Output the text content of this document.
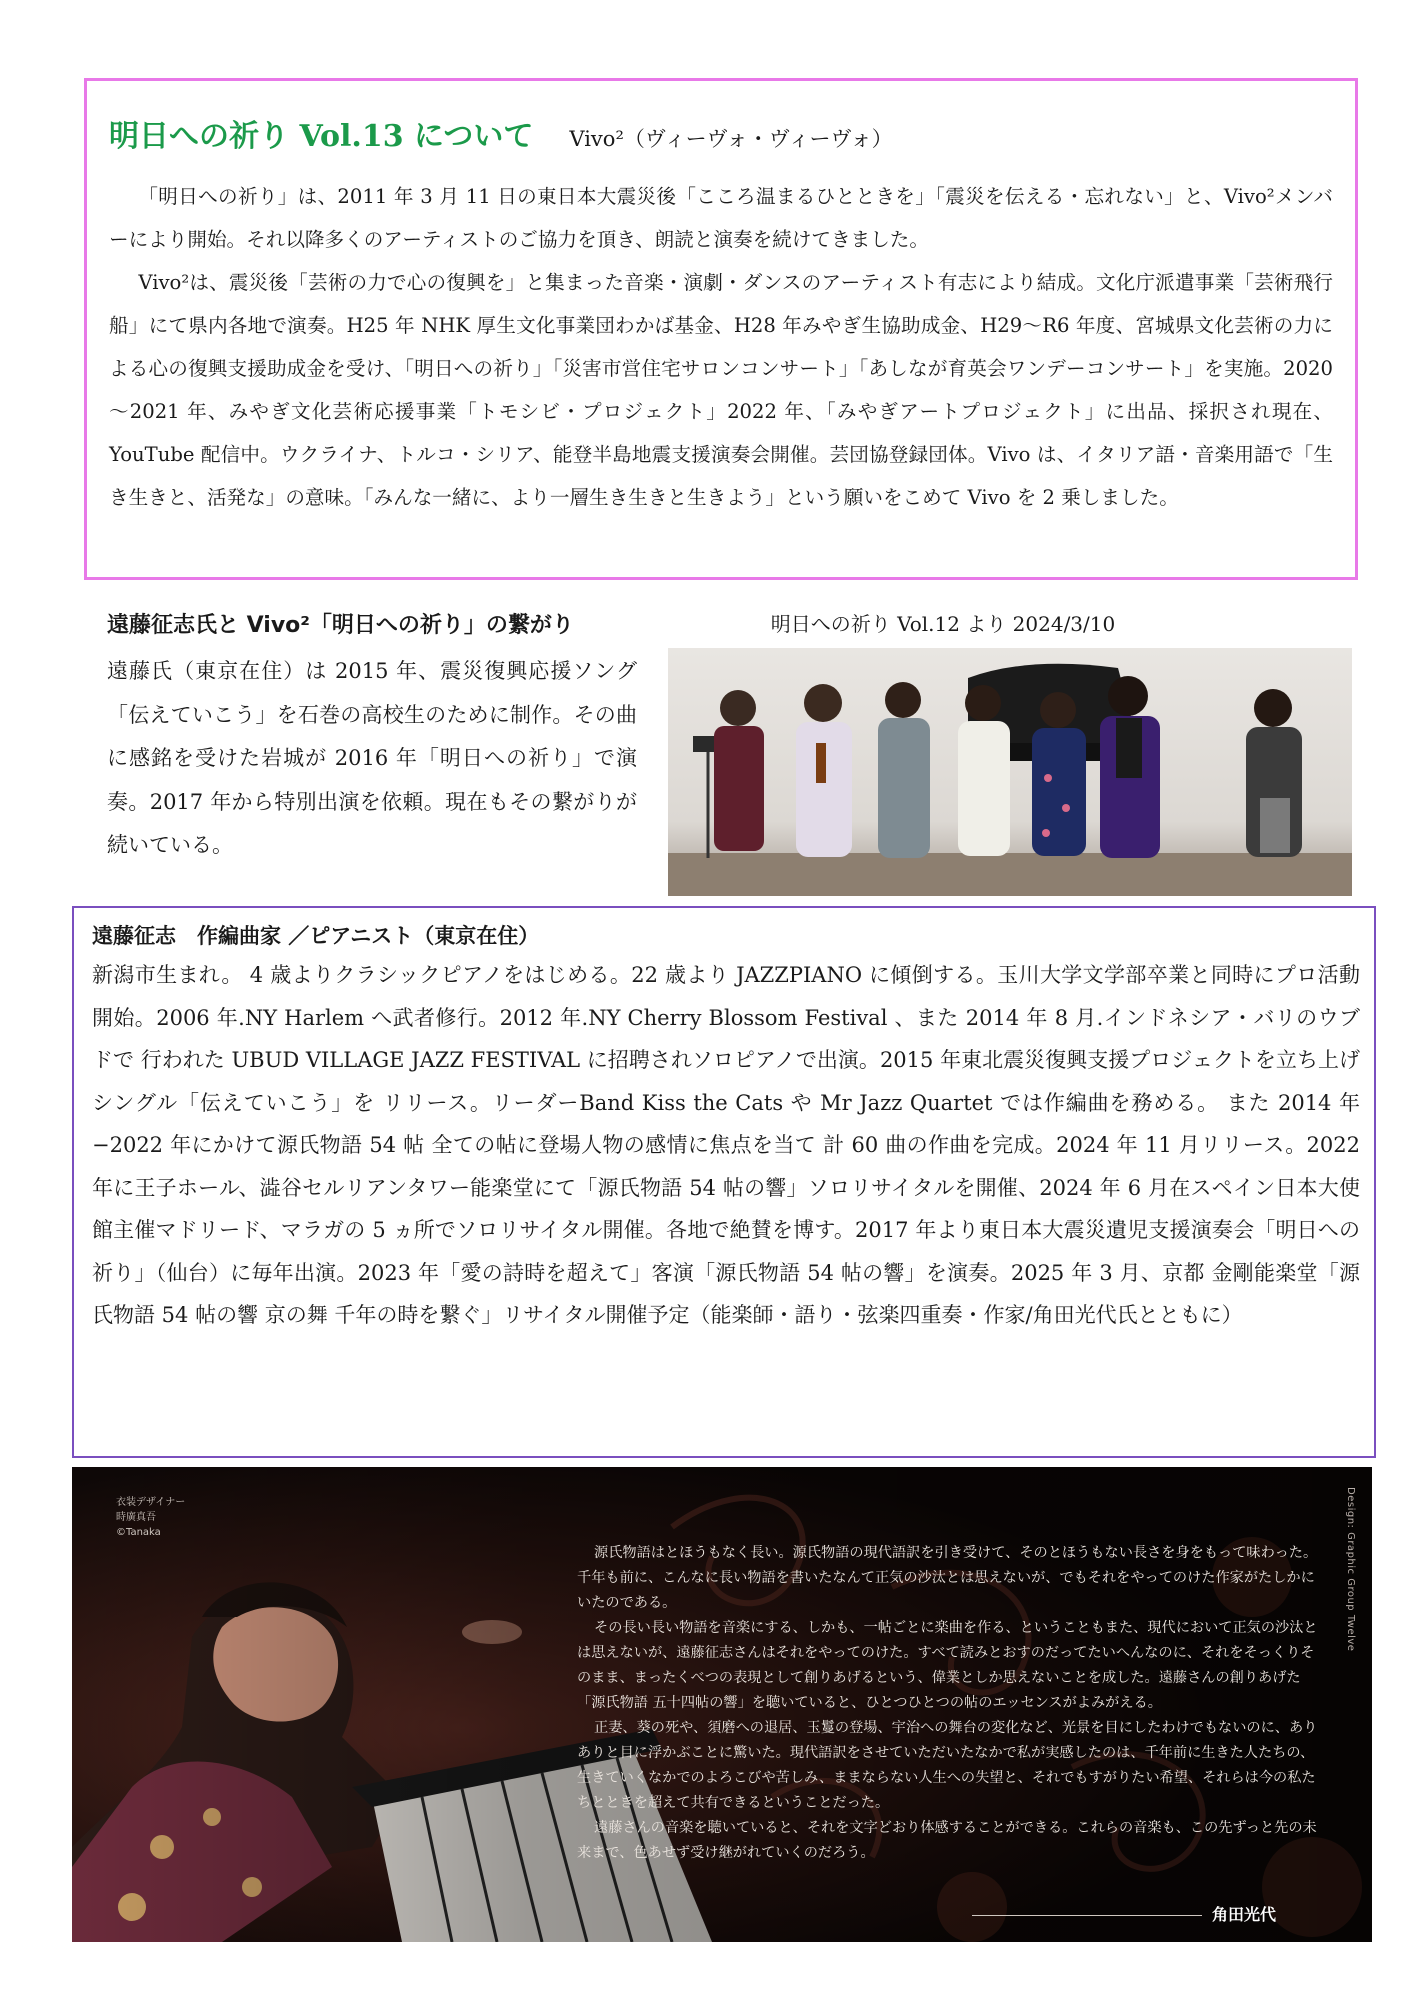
明日への祈り Vol.13 について Vivo²（ヴィーヴォ・ヴィーヴォ）

「明日への祈り」は、2011 年 3 月 11 日の東日本大震災後「こころ温まるひとときを」「震災を伝える・忘れない」と、Vivo²メンバーにより開始。それ以降多くのアーティストのご協力を頂き、朗読と演奏を続けてきました。

Vivo²は、震災後「芸術の力で心の復興を」と集まった音楽・演劇・ダンスのアーティスト有志により結成。文化庁派遣事業「芸術飛行船」にて県内各地で演奏。H25 年 NHK 厚生文化事業団わかば基金、H28 年みやぎ生協助成金、H29～R6 年度、宮城県文化芸術の力による心の復興支援助成金を受け、「明日への祈り」「災害市営住宅サロンコンサート」「あしなが育英会ワンデーコンサート」を実施。2020～2021 年、みやぎ文化芸術応援事業「トモシビ・プロジェクト」2022 年、「みやぎアートプロジェクト」に出品、採択され現在、YouTube 配信中。ウクライナ、トルコ・シリア、能登半島地震支援演奏会開催。芸団協登録団体。Vivo は、イタリア語・音楽用語で「生き生きと、活発な」の意味。「みんな一緒に、より一層生き生きと生きよう」という願いをこめて Vivo を 2 乗しました。

遠藤征志氏と Vivo²「明日への祈り」の繋がり
遠藤氏（東京在住）は 2015 年、震災復興応援ソング「伝えていこう」を石巻の高校生のために制作。その曲に感銘を受けた岩城が 2016 年「明日への祈り」で演奏。2017 年から特別出演を依頼。現在もその繋がりが続いている。
明日への祈り Vol.12 より 2024/3/10
遠藤征志　作編曲家 ／ピアニスト（東京在住）
新潟市生まれ。 4 歳よりクラシックピアノをはじめる。22 歳より JAZZPIANO に傾倒する。玉川大学文学部卒業と同時にプロ活動開始。2006 年.NY Harlem へ武者修行。2012 年.NY Cherry Blossom Festival 、また 2014 年 8 月.インドネシア・バリのウブドで 行われた UBUD VILLAGE JAZZ FESTIVAL に招聘されソロピアノで出演。2015 年東北震災復興支援プロジェクトを立ち上げ シングル「伝えていこう」を リリース。リーダーBand Kiss the Cats や Mr Jazz Quartet では作編曲を務める。 また 2014 年−2022 年にかけて源氏物語 54 帖 全ての帖に登場人物の感情に焦点を当て 計 60 曲の作曲を完成。2024 年 11 月リリース。2022 年に王子ホール、澁谷セルリアンタワー能楽堂にて「源氏物語 54 帖の響」ソロリサイタルを開催、2024 年 6 月在スペイン日本大使館主催マドリード、マラガの 5 ヵ所でソロリサイタル開催。各地で絶賛を博す。2017 年より東日本大震災遺児支援演奏会「明日への祈り」（仙台）に毎年出演。2023 年「愛の詩時を超えて」客演「源氏物語 54 帖の響」を演奏。2025 年 3 月、京都 金剛能楽堂「源氏物語 54 帖の響 京の舞 千年の時を繋ぐ」リサイタル開催予定（能楽師・語り・弦楽四重奏・作家/角田光代氏とともに）
衣装デザイナー
時廣真吾
©Tanaka	Design: Graphic Group Twelve

源氏物語はとほうもなく長い。源氏物語の現代語訳を引き受けて、そのとほうもない長さを身をもって味わった。千年も前に、こんなに長い物語を書いたなんて正気の沙汰とは思えないが、でもそれをやってのけた作家がたしかにいたのである。

その長い長い物語を音楽にする、しかも、一帖ごとに楽曲を作る、ということもまた、現代において正気の沙汰とは思えないが、遠藤征志さんはそれをやってのけた。すべて読みとおすのだってたいへんなのに、それをそっくりそのまま、まったくべつの表現として創りあげるという、偉業としか思えないことを成した。遠藤さんの創りあげた「源氏物語 五十四帖の響」を聴いていると、ひとつひとつの帖のエッセンスがよみがえる。

正妻、葵の死や、須磨への退居、玉鬘の登場、宇治への舞台の変化など、光景を目にしたわけでもないのに、ありありと目に浮かぶことに驚いた。現代語訳をさせていただいたなかで私が実感したのは、千年前に生きた人たちの、生きていくなかでのよろこびや苦しみ、ままならない人生への失望と、それでもすがりたい希望、それらは今の私たちとときを超えて共有できるということだった。

遠藤さんの音楽を聴いていると、それを文字どおり体感することができる。これらの音楽も、この先ずっと先の未来まで、色あせず受け継がれていくのだろう。

角田光代
